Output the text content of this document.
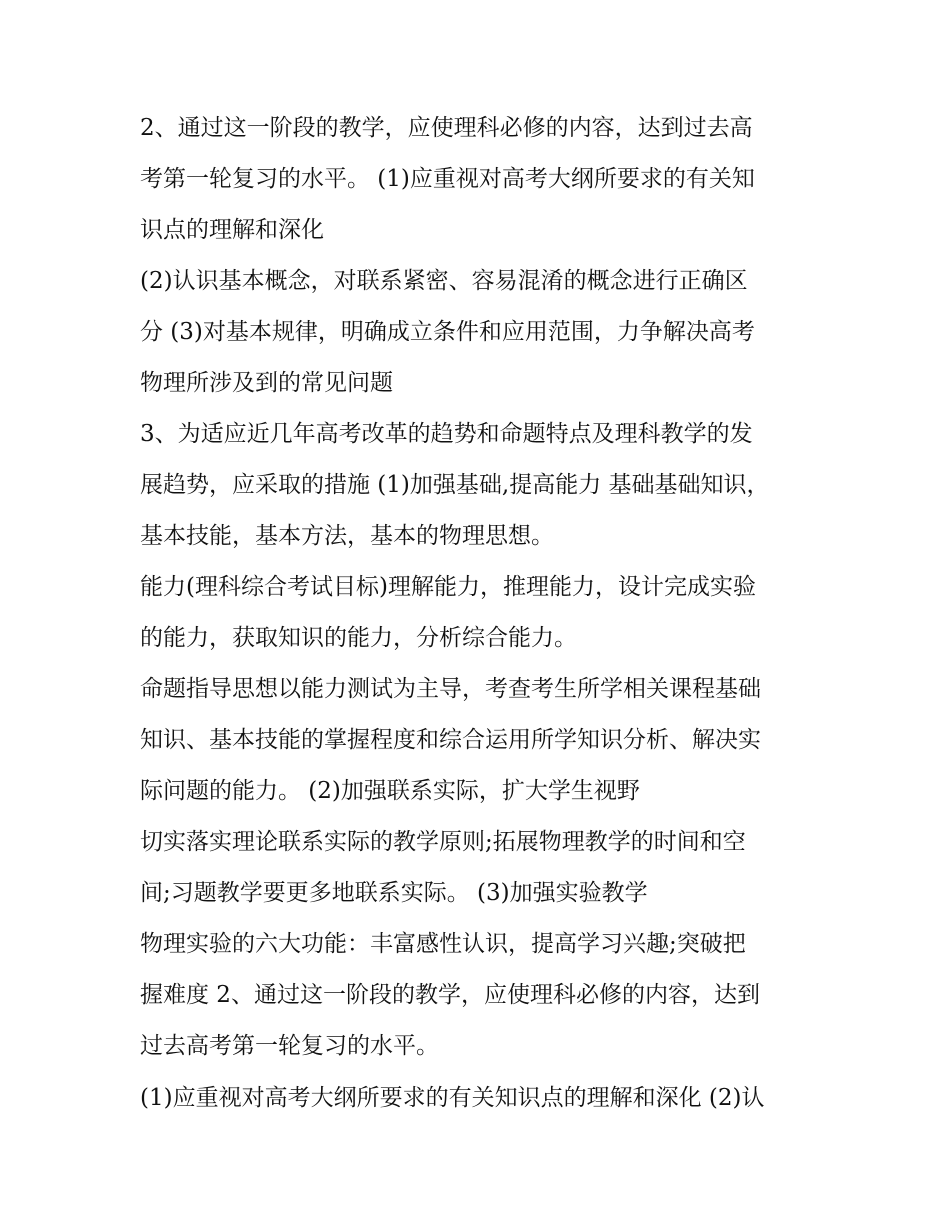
2、通过这一阶段的教学，应使理科必修的内容，达到过去高
考第一轮复习的水平。 (1)应重视对高考大纲所要求的有关知
识点的理解和深化
(2)认识基本概念，对联系紧密、容易混淆的概念进行正确区
分 (3)对基本规律，明确成立条件和应用范围，力争解决高考
物理所涉及到的常见问题
3、为适应近几年高考改革的趋势和命题特点及理科教学的发
展趋势，应采取的措施 (1)加强基础,提高能力 基础基础知识，
基本技能，基本方法，基本的物理思想。
能力(理科综合考试目标)理解能力，推理能力，设计完成实验
的能力，获取知识的能力，分析综合能力。
命题指导思想以能力测试为主导，考查考生所学相关课程基础
知识、基本技能的掌握程度和综合运用所学知识分析、解决实
际问题的能力。 (2)加强联系实际，扩大学生视野
切实落实理论联系实际的教学原则;拓展物理教学的时间和空
间;习题教学要更多地联系实际。 (3)加强实验教学
物理实验的六大功能：丰富感性认识，提高学习兴趣;突破把
握难度 2、通过这一阶段的教学，应使理科必修的内容，达到
过去高考第一轮复习的水平。
(1)应重视对高考大纲所要求的有关知识点的理解和深化 (2)认
